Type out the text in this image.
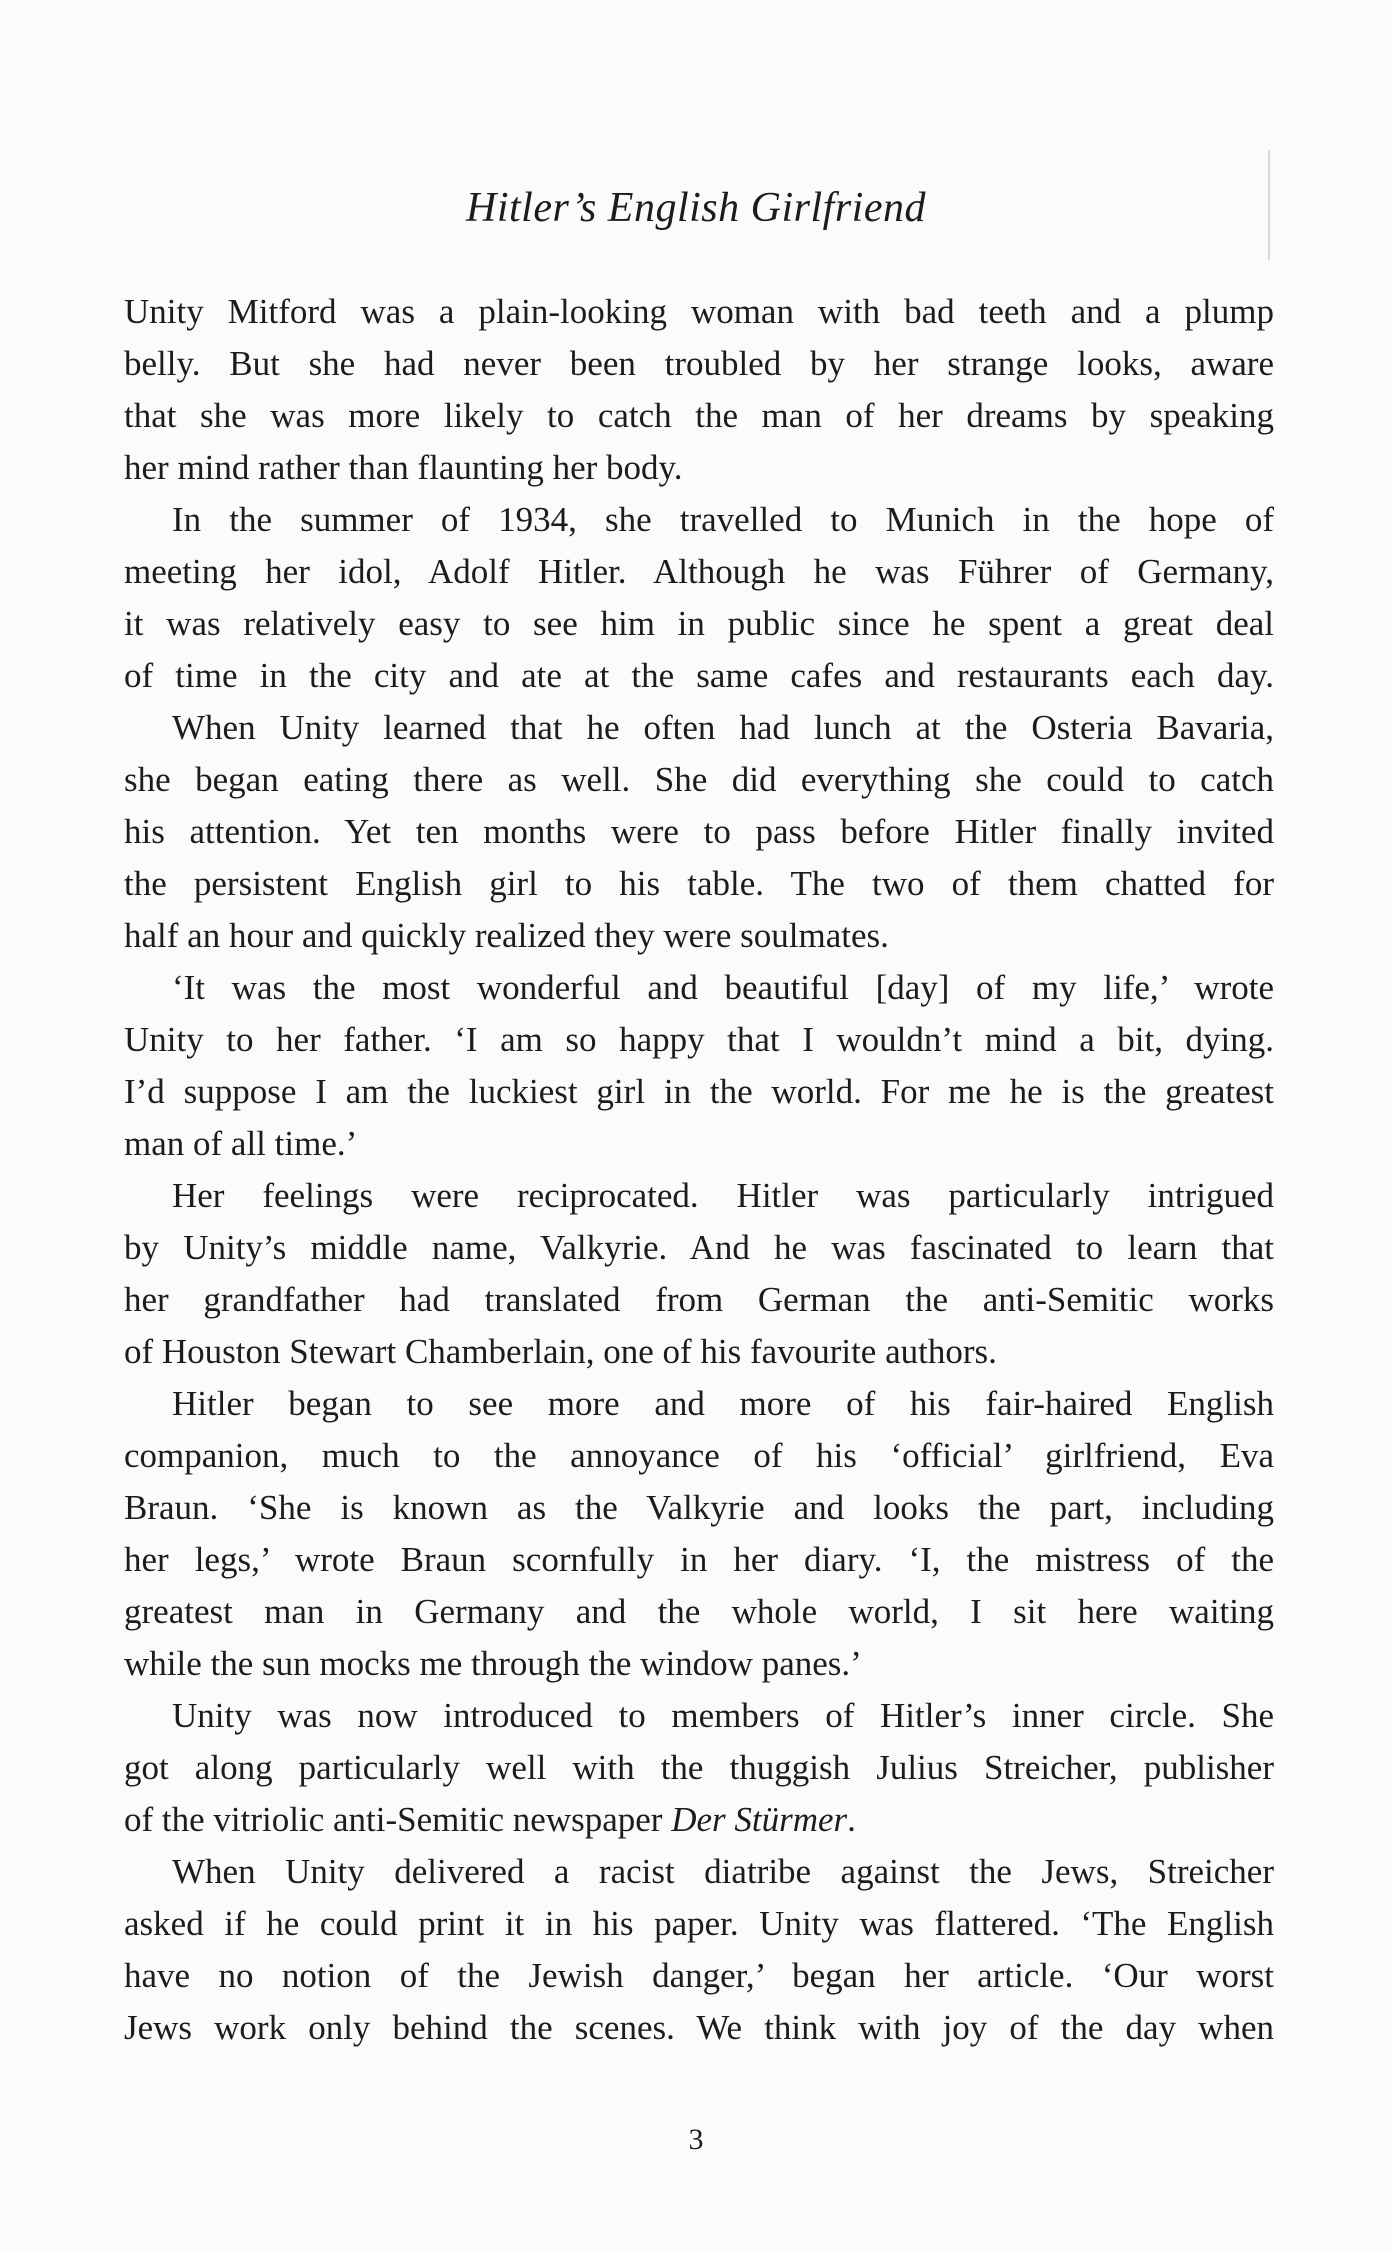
Hitler’s English Girlfriend

Unity Mitford was a plain-looking woman with bad teeth and a plump
belly. But she had never been troubled by her strange looks, aware
that she was more likely to catch the man of her dreams by speaking
her mind rather than flaunting her body.

In the summer of 1934, she travelled to Munich in the hope of
meeting her idol, Adolf Hitler. Although he was Führer of Germany,
it was relatively easy to see him in public since he spent a great deal
of time in the city and ate at the same cafes and restaurants each day.

When Unity learned that he often had lunch at the Osteria Bavaria,
she began eating there as well. She did everything she could to catch
his attention. Yet ten months were to pass before Hitler finally invited
the persistent English girl to his table. The two of them chatted for
half an hour and quickly realized they were soulmates.

‘It was the most wonderful and beautiful [day] of my life,’ wrote
Unity to her father. ‘I am so happy that I wouldn’t mind a bit, dying.
I’d suppose I am the luckiest girl in the world. For me he is the greatest
man of all time.’

Her feelings were reciprocated. Hitler was particularly intrigued
by Unity’s middle name, Valkyrie. And he was fascinated to learn that
her grandfather had translated from German the anti-Semitic works
of Houston Stewart Chamberlain, one of his favourite authors.

Hitler began to see more and more of his fair-haired English
companion, much to the annoyance of his ‘official’ girlfriend, Eva
Braun. ‘She is known as the Valkyrie and looks the part, including
her legs,’ wrote Braun scornfully in her diary. ‘I, the mistress of the
greatest man in Germany and the whole world, I sit here waiting
while the sun mocks me through the window panes.’

Unity was now introduced to members of Hitler’s inner circle. She
got along particularly well with the thuggish Julius Streicher, publisher
of the vitriolic anti-Semitic newspaper Der Stürmer.

When Unity delivered a racist diatribe against the Jews, Streicher
asked if he could print it in his paper. Unity was flattered. ‘The English
have no notion of the Jewish danger,’ began her article. ‘Our worst
Jews work only behind the scenes. We think with joy of the day when

3
